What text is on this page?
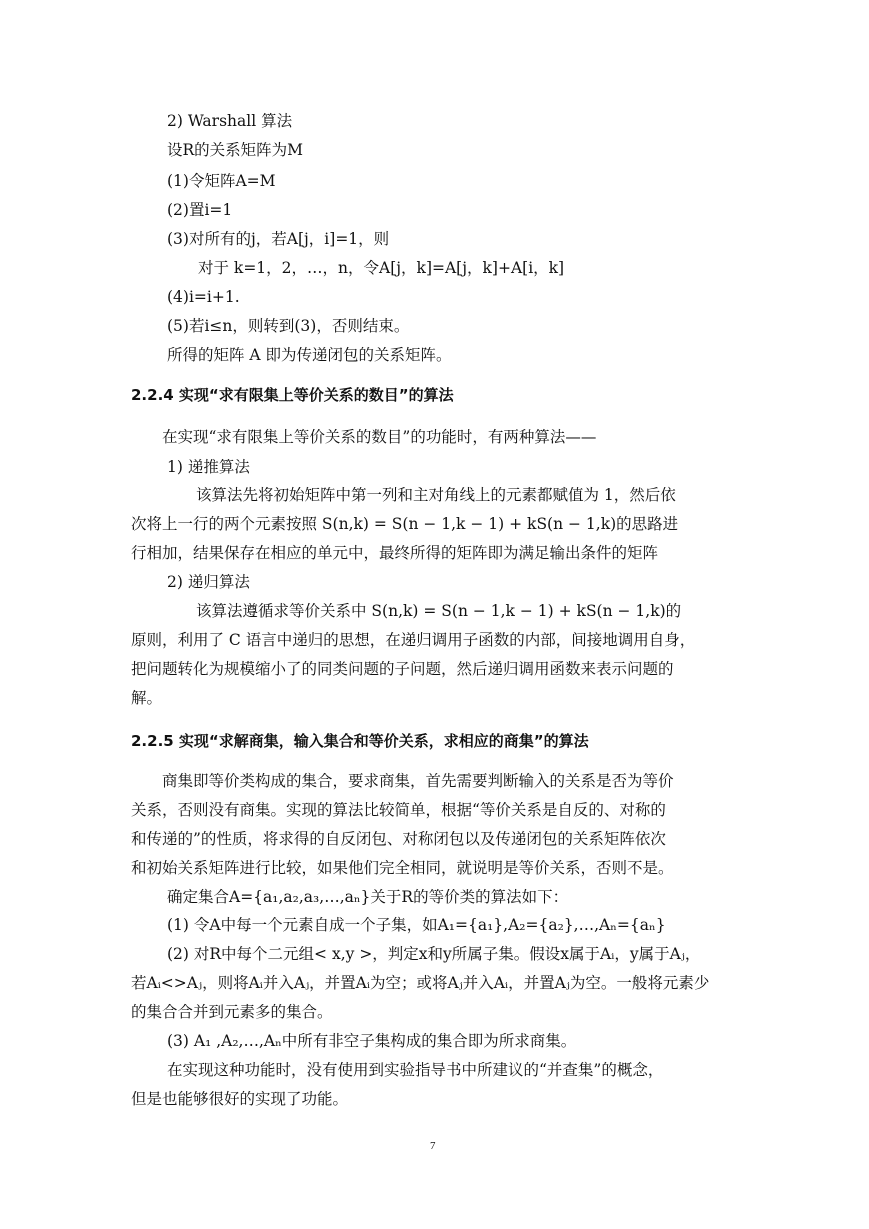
2) Warshall 算法
设R的关系矩阵为M
(1)令矩阵A=M
(2)置i=1
(3)对所有的j，若A[j，i]=1，则
对于 k=1，2，…，n，令A[j，k]=A[j，k]+A[i，k]
(4)i=i+1.
(5)若i≤n，则转到(3)，否则结束。
所得的矩阵 A 即为传递闭包的关系矩阵。
2.2.4 实现“求有限集上等价关系的数目”的算法
在实现“求有限集上等价关系的数目”的功能时，有两种算法——
1) 递推算法
该算法先将初始矩阵中第一列和主对角线上的元素都赋值为 1，然后依
次将上一行的两个元素按照 S(n,k) = S(n − 1,k − 1) + kS(n − 1,k)的思路进
行相加，结果保存在相应的单元中，最终所得的矩阵即为满足输出条件的矩阵
2) 递归算法
该算法遵循求等价关系中 S(n,k) = S(n − 1,k − 1) + kS(n − 1,k)的
原则，利用了 C 语言中递归的思想，在递归调用子函数的内部，间接地调用自身，
把问题转化为规模缩小了的同类问题的子问题，然后递归调用函数来表示问题的
解。
2.2.5 实现“求解商集，输入集合和等价关系，求相应的商集”的算法
商集即等价类构成的集合，要求商集，首先需要判断输入的关系是否为等价
关系，否则没有商集。实现的算法比较简单，根据“等价关系是自反的、对称的
和传递的”的性质，将求得的自反闭包、对称闭包以及传递闭包的关系矩阵依次
和初始关系矩阵进行比较，如果他们完全相同，就说明是等价关系，否则不是。
确定集合A={a₁,a₂,a₃,…,aₙ}关于R的等价类的算法如下：
(1) 令A中每一个元素自成一个子集，如A₁={a₁},A₂={a₂},…,Aₙ={aₙ}
(2) 对R中每个二元组< x,y >，判定x和y所属子集。假设x属于Aᵢ，y属于Aⱼ，
若Aᵢ<>Aⱼ，则将Aᵢ并入Aⱼ，并置Aᵢ为空；或将Aⱼ并入Aᵢ，并置Aⱼ为空。一般将元素少
的集合合并到元素多的集合。
(3) A₁ ,A₂,…,Aₙ中所有非空子集构成的集合即为所求商集。
在实现这种功能时，没有使用到实验指导书中所建议的“并查集”的概念，
但是也能够很好的实现了功能。
7
